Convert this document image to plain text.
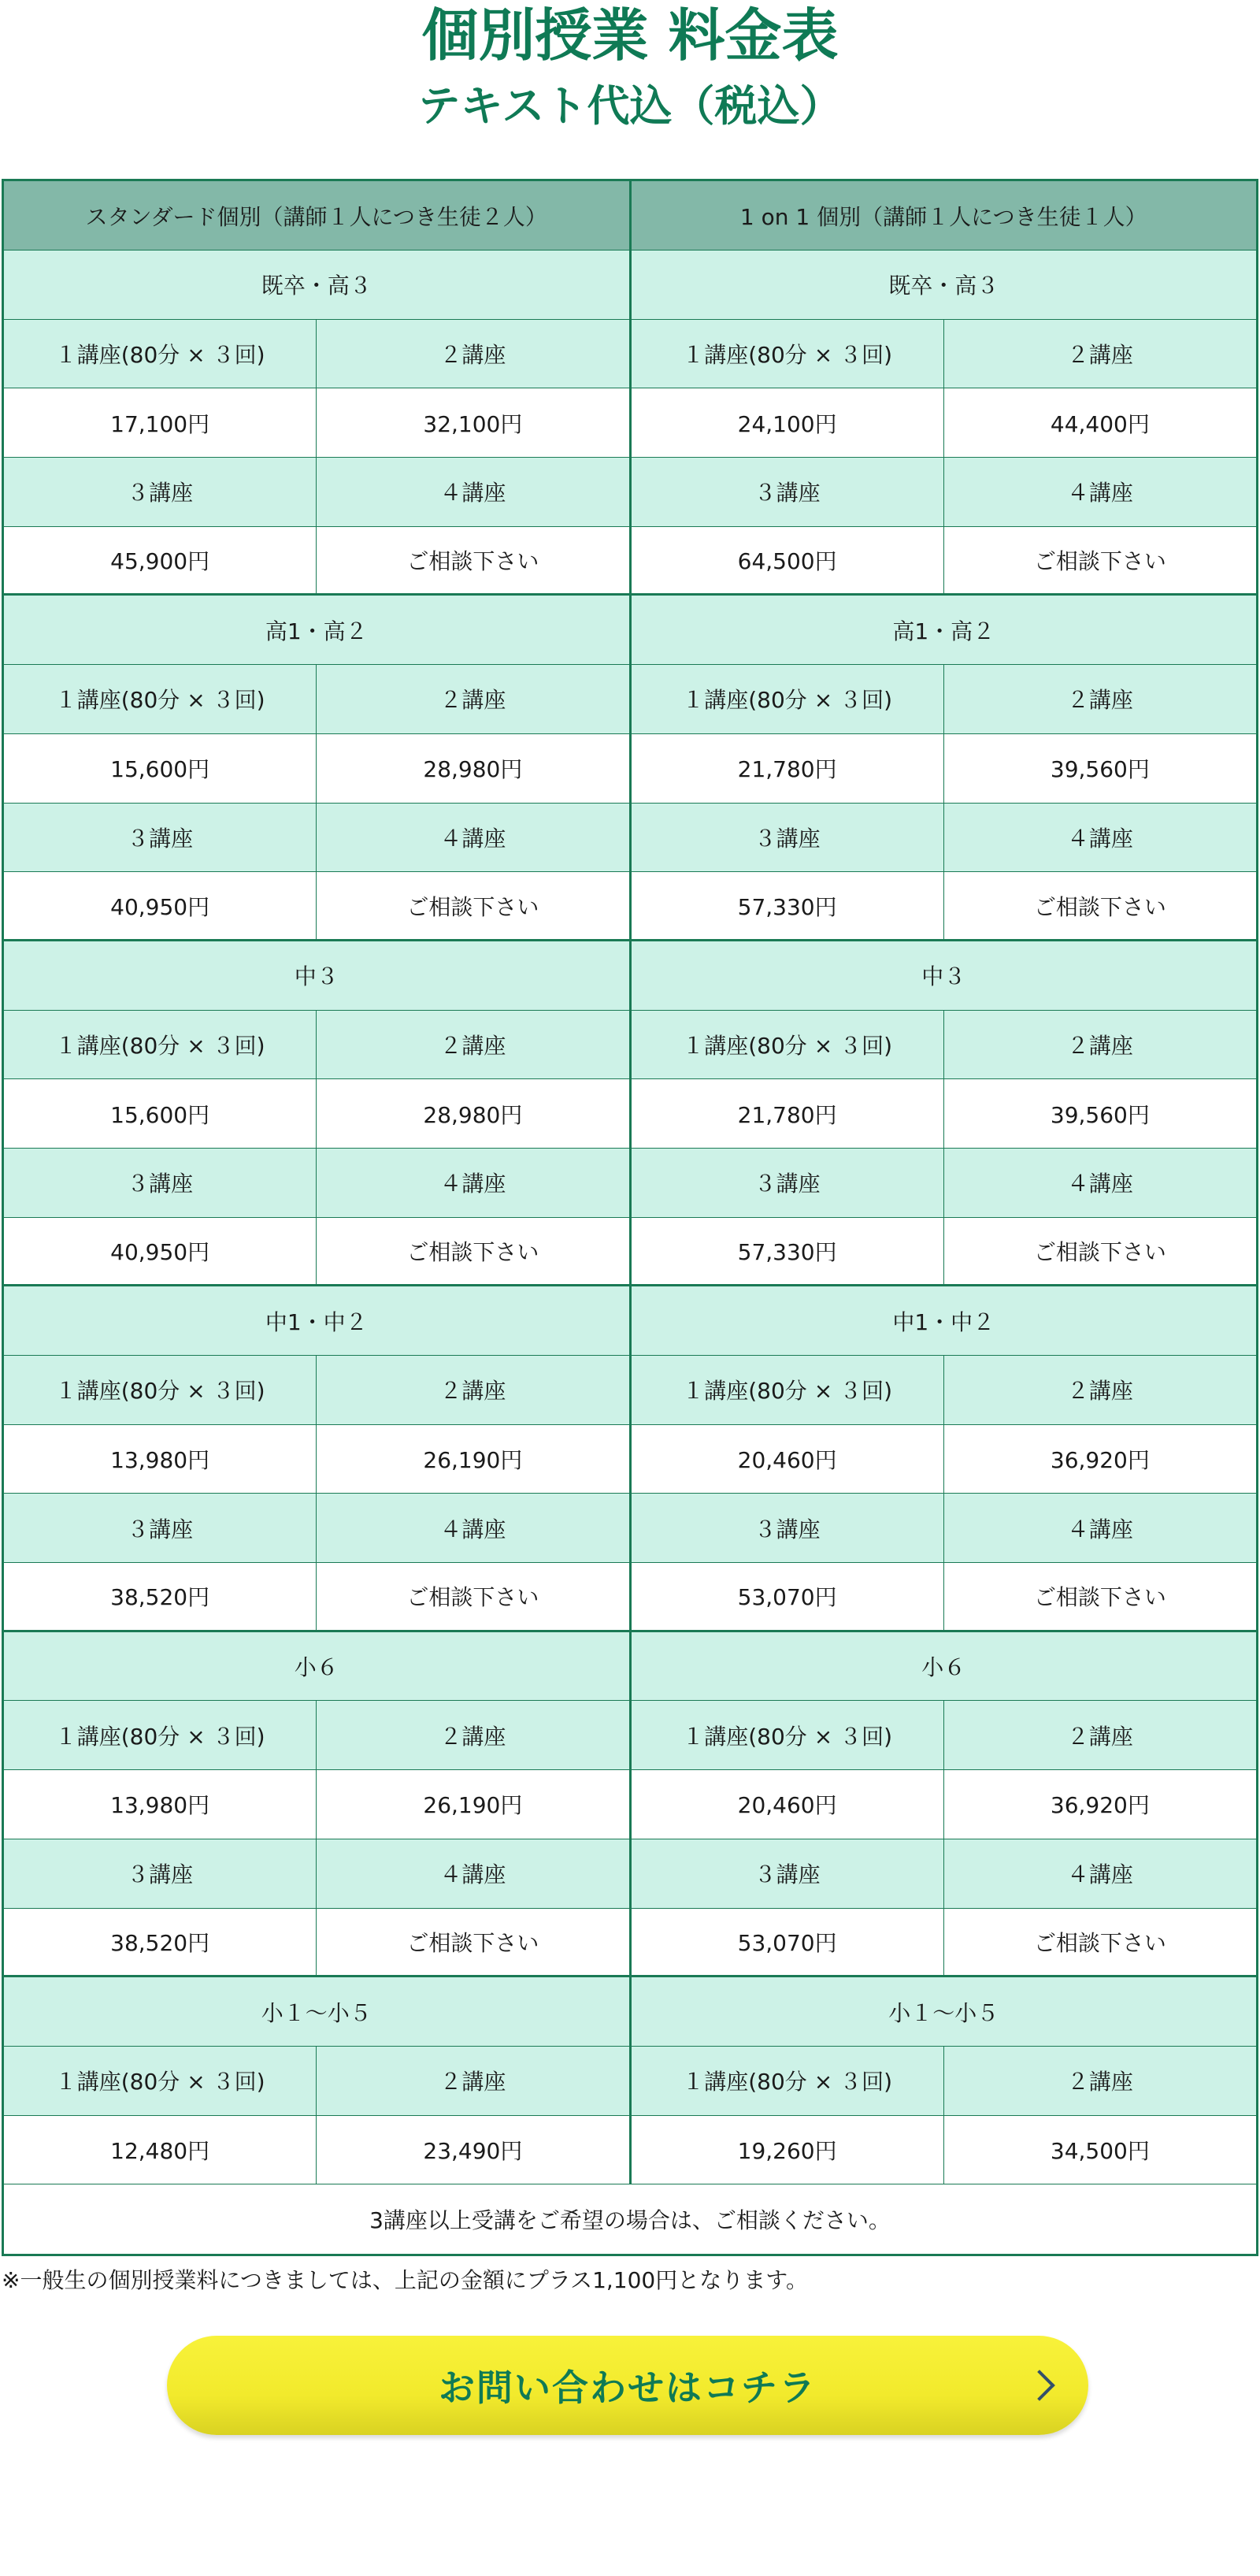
個別授業 料金表
テキスト代込（税込）
スタンダード個別（講師１人につき生徒２人）	1 on 1 個別（講師１人につき生徒１人）
既卒・高３	既卒・高３
１講座(80分 × ３回)	２講座	１講座(80分 × ３回)	２講座
17,100円	32,100円	24,100円	44,400円
３講座	４講座	３講座	４講座
45,900円	ご相談下さい	64,500円	ご相談下さい
高1・高２	高1・高２
１講座(80分 × ３回)	２講座	１講座(80分 × ３回)	２講座
15,600円	28,980円	21,780円	39,560円
３講座	４講座	３講座	４講座
40,950円	ご相談下さい	57,330円	ご相談下さい
中３	中３
１講座(80分 × ３回)	２講座	１講座(80分 × ３回)	２講座
15,600円	28,980円	21,780円	39,560円
３講座	４講座	３講座	４講座
40,950円	ご相談下さい	57,330円	ご相談下さい
中1・中２	中1・中２
１講座(80分 × ３回)	２講座	１講座(80分 × ３回)	２講座
13,980円	26,190円	20,460円	36,920円
３講座	４講座	３講座	４講座
38,520円	ご相談下さい	53,070円	ご相談下さい
小６	小６
１講座(80分 × ３回)	２講座	１講座(80分 × ３回)	２講座
13,980円	26,190円	20,460円	36,920円
３講座	４講座	３講座	４講座
38,520円	ご相談下さい	53,070円	ご相談下さい
小１～小５	小１～小５
１講座(80分 × ３回)	２講座	１講座(80分 × ３回)	２講座
12,480円	23,490円	19,260円	34,500円
3講座以上受講をご希望の場合は、ご相談ください。
※一般生の個別授業料につきましては、上記の金額にプラス1,100円となります。
お問い合わせはコチラ
